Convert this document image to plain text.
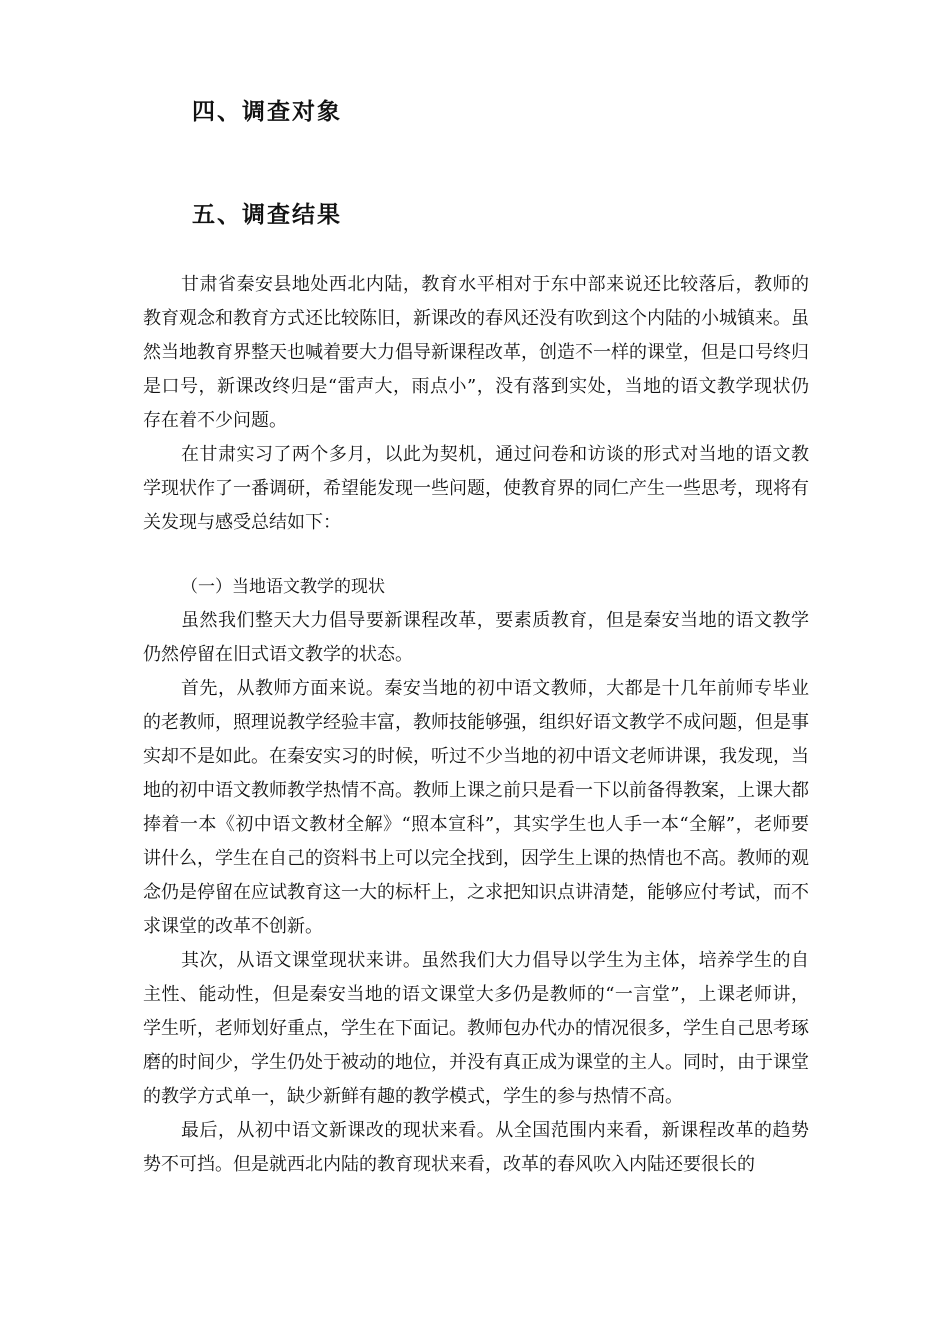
四、调查对象
五、调查结果

甘肃省秦安县地处西北内陆，教育水平相对于东中部来说还比较落后，教师的教育观念和教育方式还比较陈旧，新课改的春风还没有吹到这个内陆的小城镇来。虽然当地教育界整天也喊着要大力倡导新课程改革，创造不一样的课堂，但是口号终归是口号，新课改终归是“雷声大，雨点小”，没有落到实处，当地的语文教学现状仍存在着不少问题。

在甘肃实习了两个多月，以此为契机，通过问卷和访谈的形式对当地的语文教学现状作了一番调研，希望能发现一些问题，使教育界的同仁产生一些思考，现将有关发现与感受总结如下：

（一）当地语文教学的现状

虽然我们整天大力倡导要新课程改革，要素质教育，但是秦安当地的语文教学仍然停留在旧式语文教学的状态。

首先，从教师方面来说。秦安当地的初中语文教师，大都是十几年前师专毕业的老教师，照理说教学经验丰富，教师技能够强，组织好语文教学不成问题，但是事实却不是如此。在秦安实习的时候，听过不少当地的初中语文老师讲课，我发现，当地的初中语文教师教学热情不高。教师上课之前只是看一下以前备得教案，上课大都捧着一本《初中语文教材全解》“照本宣科”，其实学生也人手一本“全解”，老师要讲什么，学生在自己的资料书上可以完全找到，因学生上课的热情也不高。教师的观念仍是停留在应试教育这一大的标杆上，之求把知识点讲清楚，能够应付考试，而不求课堂的改革不创新。

其次，从语文课堂现状来讲。虽然我们大力倡导以学生为主体，培养学生的自主性、能动性，但是秦安当地的语文课堂大多仍是教师的“一言堂”，上课老师讲，学生听，老师划好重点，学生在下面记。教师包办代办的情况很多，学生自己思考琢磨的时间少，学生仍处于被动的地位，并没有真正成为课堂的主人。同时，由于课堂的教学方式单一，缺少新鲜有趣的教学模式，学生的参与热情不高。

最后，从初中语文新课改的现状来看。从全国范围内来看，新课程改革的趋势势不可挡。但是就西北内陆的教育现状来看，改革的春风吹入内陆还要很长的
